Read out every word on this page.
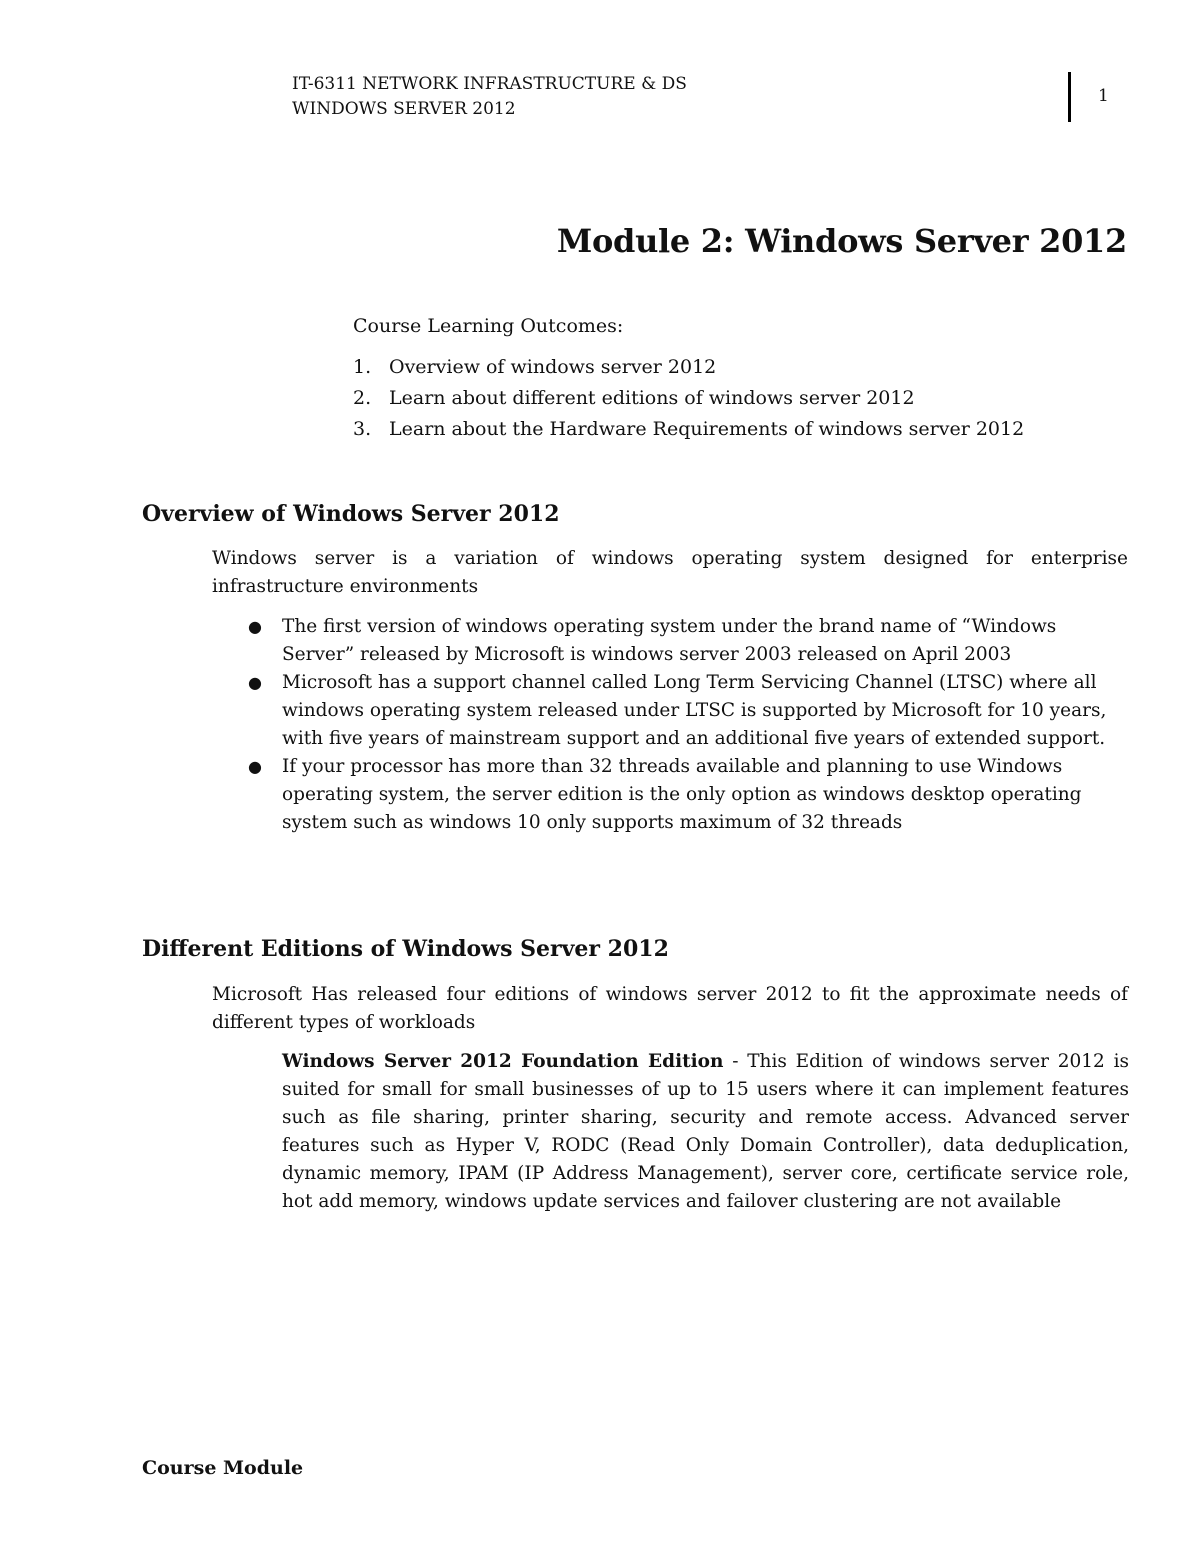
IT-6311 NETWORK INFRASTRUCTURE & DS
WINDOWS SERVER 2012
1
Module 2: Windows Server 2012
Course Learning Outcomes:
1. Overview of windows server 2012
2. Learn about different editions of windows server 2012
3. Learn about the Hardware Requirements of windows server 2012
Overview of Windows Server 2012
Windows server is a variation of windows operating system designed for enterprise infrastructure environments
● The first version of windows operating system under the brand name of “Windows Server” released by Microsoft is windows server 2003 released on April 2003
● Microsoft has a support channel called Long Term Servicing Channel (LTSC) where all windows operating system released under LTSC is supported by Microsoft for 10 years, with five years of mainstream support and an additional five years of extended support.
● If your processor has more than 32 threads available and planning to use Windows operating system, the server edition is the only option as windows desktop operating system such as windows 10 only supports maximum of 32 threads
Different Editions of Windows Server 2012
Microsoft Has released four editions of windows server 2012 to fit the approximate needs of different types of workloads
Windows Server 2012 Foundation Edition - This Edition of windows server 2012 is suited for small for small businesses of up to 15 users where it can implement features such as file sharing, printer sharing, security and remote access. Advanced server features such as Hyper V, RODC (Read Only Domain Controller), data deduplication, dynamic memory, IPAM (IP Address Management), server core, certificate service role, hot add memory, windows update services and failover clustering are not available
Course Module
